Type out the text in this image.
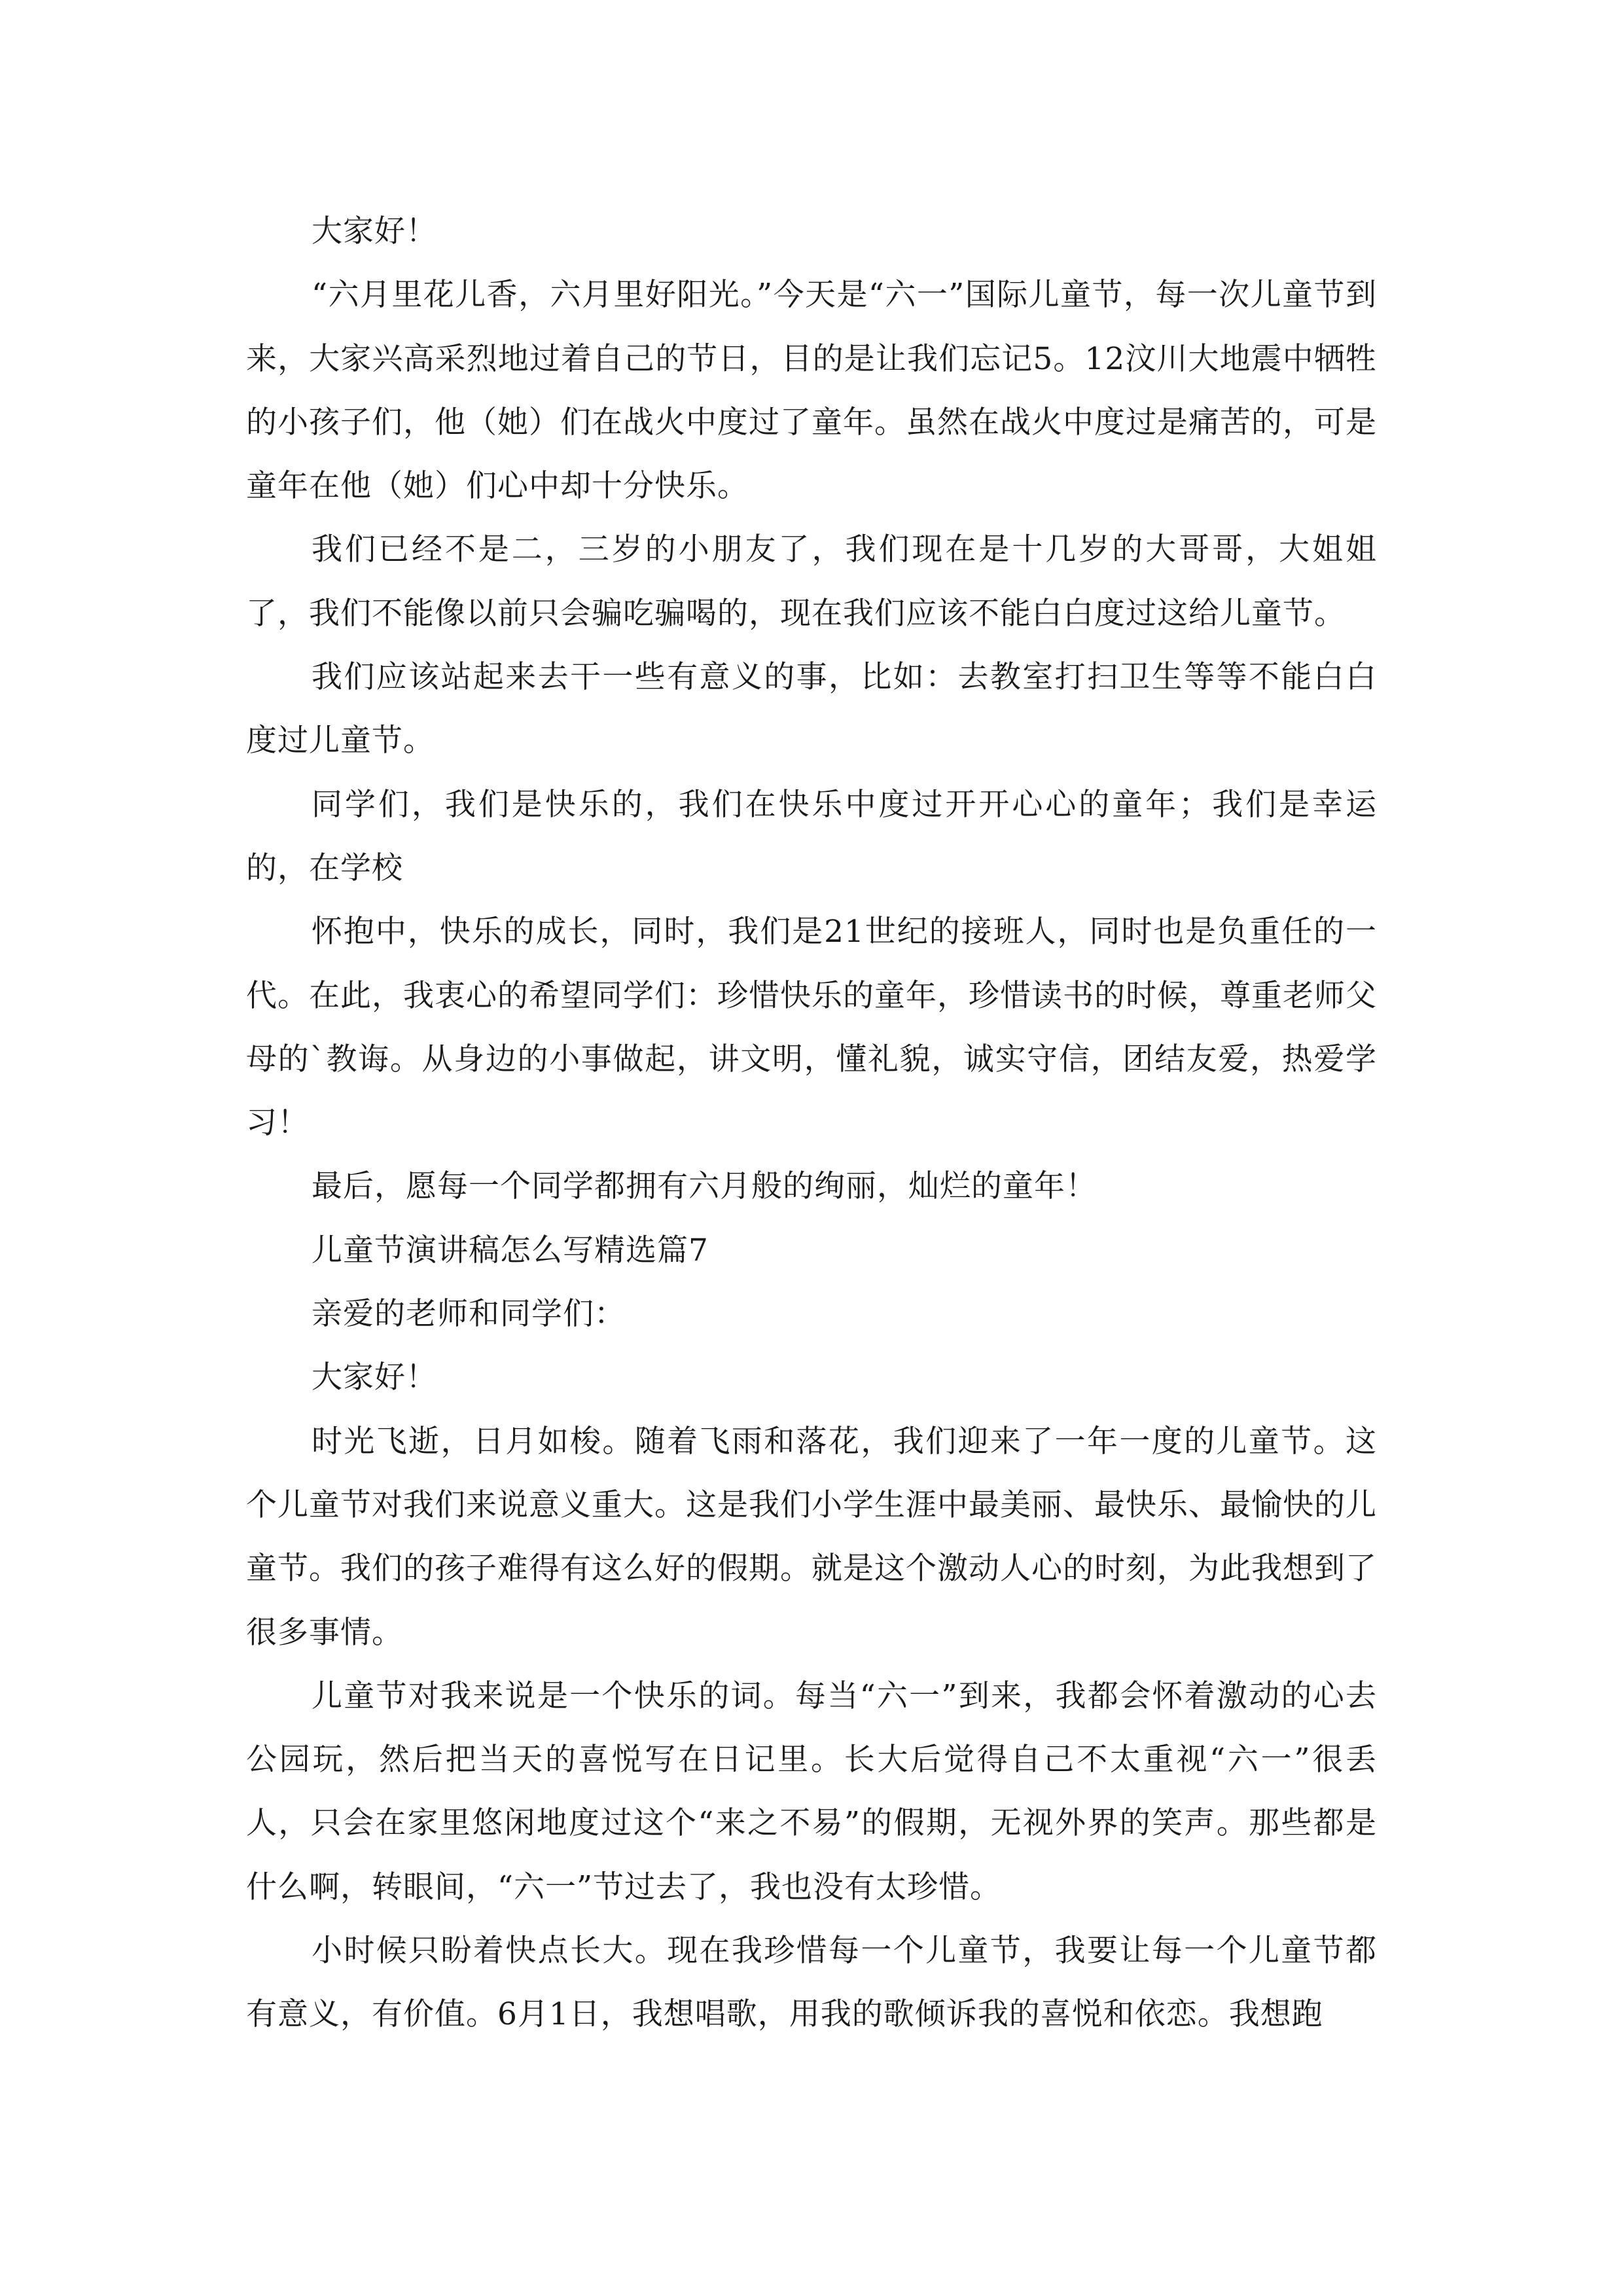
大家好！

“六月里花儿香，六月里好阳光。”今天是“六一”国际儿童节，每一次儿童节到来，大家兴高采烈地过着自己的节日，目的是让我们忘记5。12汶川大地震中牺牲的小孩子们，他（她）们在战火中度过了童年。虽然在战火中度过是痛苦的，可是童年在他（她）们心中却十分快乐。

我们已经不是二，三岁的小朋友了，我们现在是十几岁的大哥哥，大姐姐了，我们不能像以前只会骗吃骗喝的，现在我们应该不能白白度过这给儿童节。

我们应该站起来去干一些有意义的事，比如：去教室打扫卫生等等不能白白度过儿童节。

同学们，我们是快乐的，我们在快乐中度过开开心心的童年；我们是幸运的，在学校

怀抱中，快乐的成长，同时，我们是21世纪的接班人，同时也是负重任的一代。在此，我衷心的希望同学们：珍惜快乐的童年，珍惜读书的时候，尊重老师父母的`教诲。从身边的小事做起，讲文明，懂礼貌，诚实守信，团结友爱，热爱学习！

最后，愿每一个同学都拥有六月般的绚丽，灿烂的童年！

儿童节演讲稿怎么写精选篇7

亲爱的老师和同学们：

大家好！

时光飞逝，日月如梭。随着飞雨和落花，我们迎来了一年一度的儿童节。这个儿童节对我们来说意义重大。这是我们小学生涯中最美丽、最快乐、最愉快的儿童节。我们的孩子难得有这么好的假期。就是这个激动人心的时刻，为此我想到了很多事情。

儿童节对我来说是一个快乐的词。每当“六一”到来，我都会怀着激动的心去公园玩，然后把当天的喜悦写在日记里。长大后觉得自己不太重视“六一”很丢人，只会在家里悠闲地度过这个“来之不易”的假期，无视外界的笑声。那些都是什么啊，转眼间，“六一”节过去了，我也没有太珍惜。

小时候只盼着快点长大。现在我珍惜每一个儿童节，我要让每一个儿童节都有意义，有价值。6月1日，我想唱歌，用我的歌倾诉我的喜悦和依恋。我想跑
